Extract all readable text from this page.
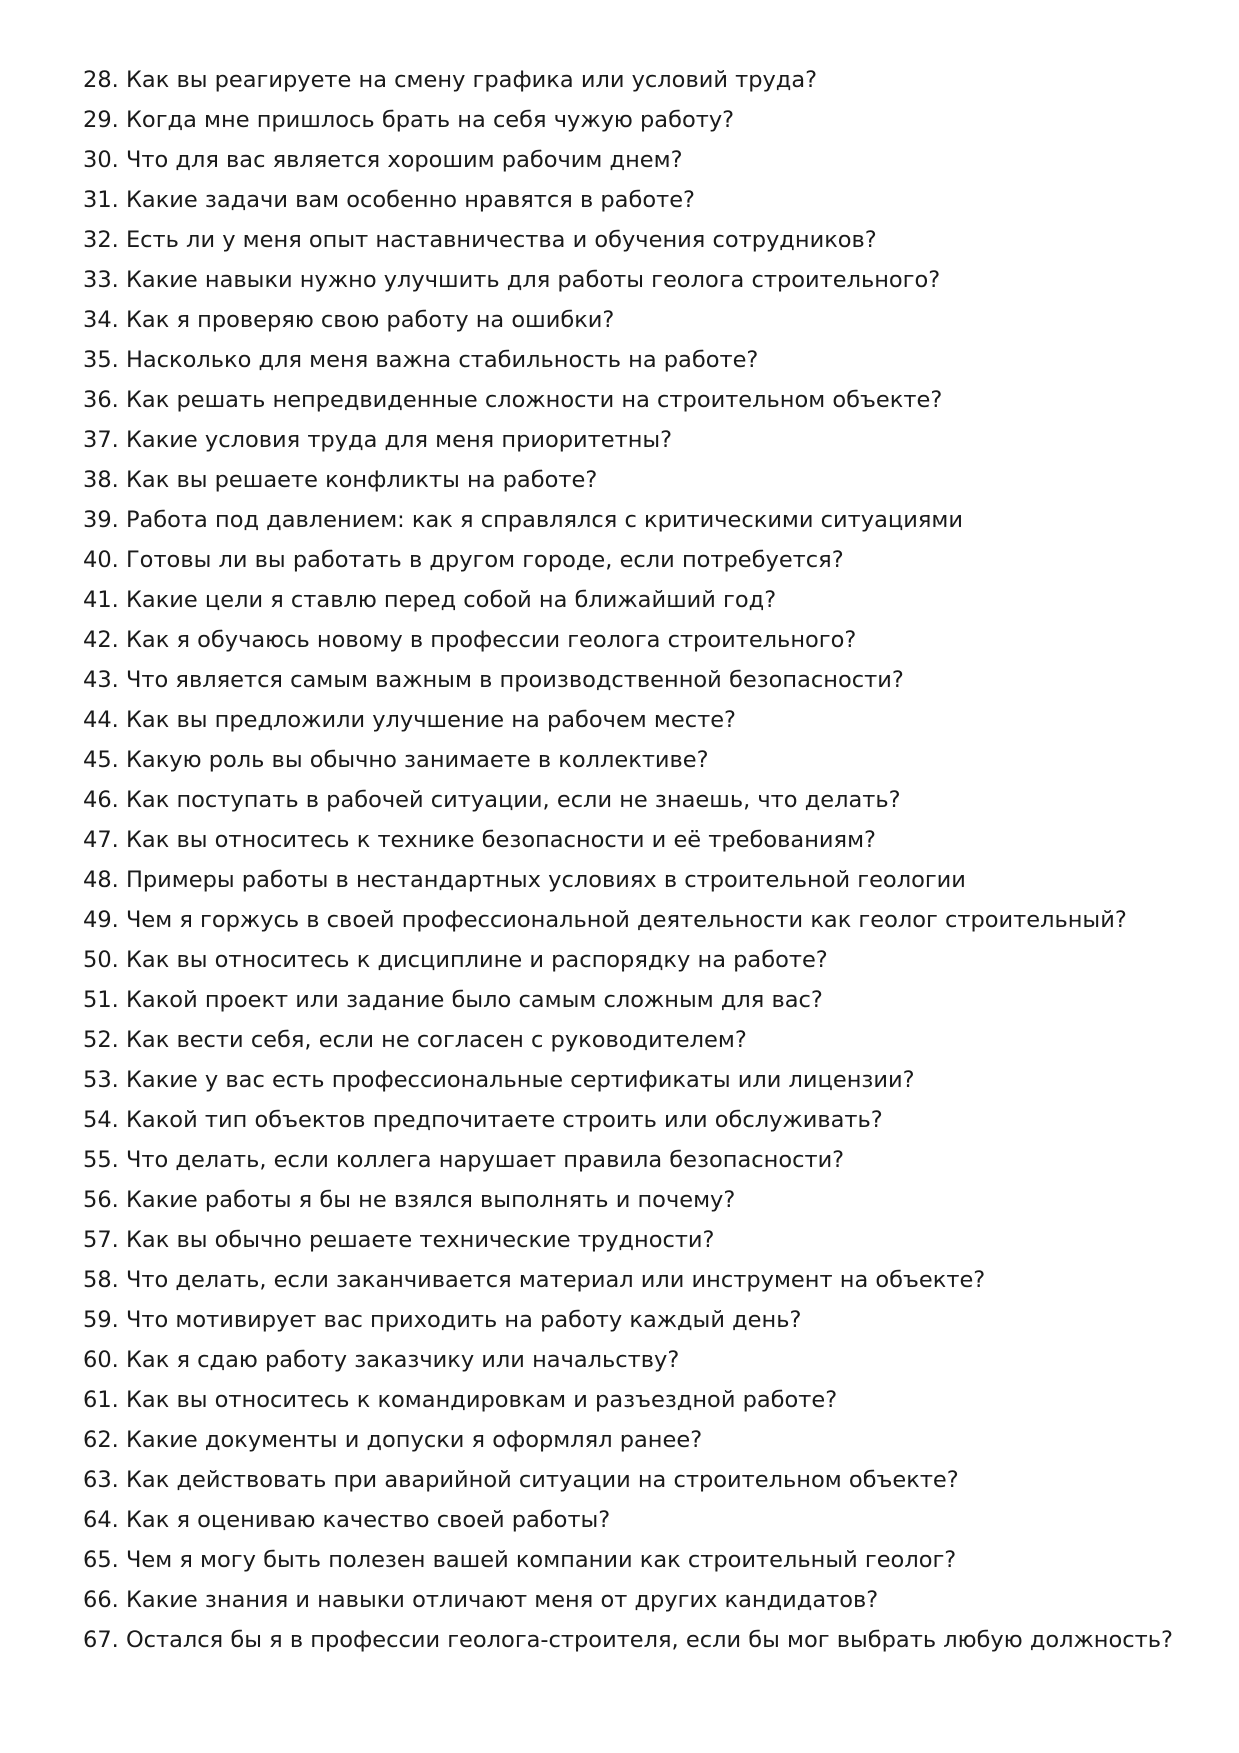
28. Как вы реагируете на смену графика или условий труда?
29. Когда мне пришлось брать на себя чужую работу?
30. Что для вас является хорошим рабочим днем?
31. Какие задачи вам особенно нравятся в работе?
32. Есть ли у меня опыт наставничества и обучения сотрудников?
33. Какие навыки нужно улучшить для работы геолога строительного?
34. Как я проверяю свою работу на ошибки?
35. Насколько для меня важна стабильность на работе?
36. Как решать непредвиденные сложности на строительном объекте?
37. Какие условия труда для меня приоритетны?
38. Как вы решаете конфликты на работе?
39. Работа под давлением: как я справлялся с критическими ситуациями
40. Готовы ли вы работать в другом городе, если потребуется?
41. Какие цели я ставлю перед собой на ближайший год?
42. Как я обучаюсь новому в профессии геолога строительного?
43. Что является самым важным в производственной безопасности?
44. Как вы предложили улучшение на рабочем месте?
45. Какую роль вы обычно занимаете в коллективе?
46. Как поступать в рабочей ситуации, если не знаешь, что делать?
47. Как вы относитесь к технике безопасности и её требованиям?
48. Примеры работы в нестандартных условиях в строительной геологии
49. Чем я горжусь в своей профессиональной деятельности как геолог строительный?
50. Как вы относитесь к дисциплине и распорядку на работе?
51. Какой проект или задание было самым сложным для вас?
52. Как вести себя, если не согласен с руководителем?
53. Какие у вас есть профессиональные сертификаты или лицензии?
54. Какой тип объектов предпочитаете строить или обслуживать?
55. Что делать, если коллега нарушает правила безопасности?
56. Какие работы я бы не взялся выполнять и почему?
57. Как вы обычно решаете технические трудности?
58. Что делать, если заканчивается материал или инструмент на объекте?
59. Что мотивирует вас приходить на работу каждый день?
60. Как я сдаю работу заказчику или начальству?
61. Как вы относитесь к командировкам и разъездной работе?
62. Какие документы и допуски я оформлял ранее?
63. Как действовать при аварийной ситуации на строительном объекте?
64. Как я оцениваю качество своей работы?
65. Чем я могу быть полезен вашей компании как строительный геолог?
66. Какие знания и навыки отличают меня от других кандидатов?
67. Остался бы я в профессии геолога-строителя, если бы мог выбрать любую должность?
